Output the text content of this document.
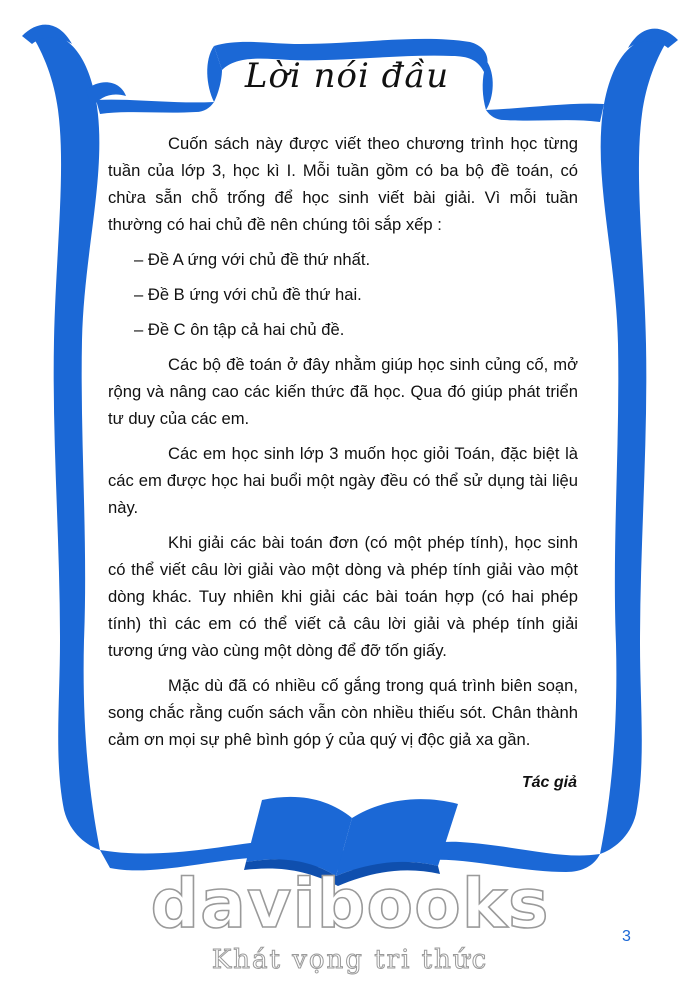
Lời nói đầu

Cuốn sách này được viết theo chương trình học từng tuần của lớp 3, học kì I. Mỗi tuần gồm có ba bộ đề toán, có chừa sẵn chỗ trống để học sinh viết bài giải. Vì mỗi tuần thường có hai chủ đề nên chúng tôi sắp xếp :

– Đề A ứng với chủ đề thứ nhất.
– Đề B ứng với chủ đề thứ hai.
– Đề C ôn tập cả hai chủ đề.

Các bộ đề toán ở đây nhằm giúp học sinh củng cố, mở rộng và nâng cao các kiến thức đã học. Qua đó giúp phát triển tư duy của các em.

Các em học sinh lớp 3 muốn học giỏi Toán, đặc biệt là các em được học hai buổi một ngày đều có thể sử dụng tài liệu này.

Khi giải các bài toán đơn (có một phép tính), học sinh có thể viết câu lời giải vào một dòng và phép tính giải vào một dòng khác. Tuy nhiên khi giải các bài toán hợp (có hai phép tính) thì các em có thể viết cả câu lời giải và phép tính giải tương ứng vào cùng một dòng để đỡ tốn giấy.

Mặc dù đã có nhiều cố gắng trong quá trình biên soạn, song chắc rằng cuốn sách vẫn còn nhiều thiếu sót. Chân thành cảm ơn mọi sự phê bình góp ý của quý vị độc giả xa gần.

Tác giả
davibooks
Khát vọng tri thức
3
